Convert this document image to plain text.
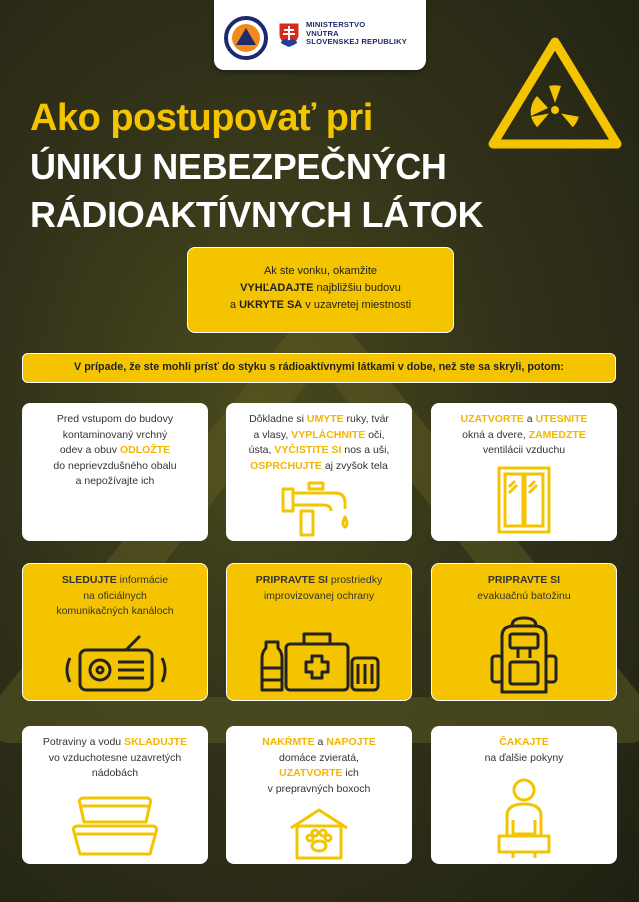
MINISTERSTVO
VNÚTRA
SLOVENSKEJ REPUBLIKY
Ako postupovať pri
ÚNIKU NEBEZPEČNÝCH
RÁDIOAKTÍVNYCH LÁTOK
Ak ste vonku, okamžite
VYHĽADAJTE najbližšiu budovu
a UKRYTE SA v uzavretej miestnosti
V prípade, že ste mohli prísť do styku s rádioaktívnymi látkami v dobe, než ste sa skryli, potom:
Pred vstupom do budovy
kontaminovaný vrchný
odev a obuv ODLOŽTE
do neprievzdušného obalu
a nepožívajte ich
Dôkladne si UMYTE ruky, tvár
a vlasy, VYPLÁCHNITE oči,
ústa, VYČISTITE SI nos a uši,
OSPRCHUJTE aj zvyšok tela
UZATVORTE a UTESNITE
okná a dvere, ZAMEDZTE
ventilácii vzduchu
SLEDUJTE informácie
na oficiálnych
komunikačných kanáloch
PRIPRAVTE SI prostriedky
improvizovanej ochrany
PRIPRAVTE SI
evakuačnú batožinu
Potraviny a vodu SKLADUJTE
vo vzduchotesne uzavretých
nádobách
NAKŔMTE a NAPOJTE
domáce zvieratá,
UZATVORTE ich
v prepravných boxoch
ČAKAJTE
na ďalšie pokyny
